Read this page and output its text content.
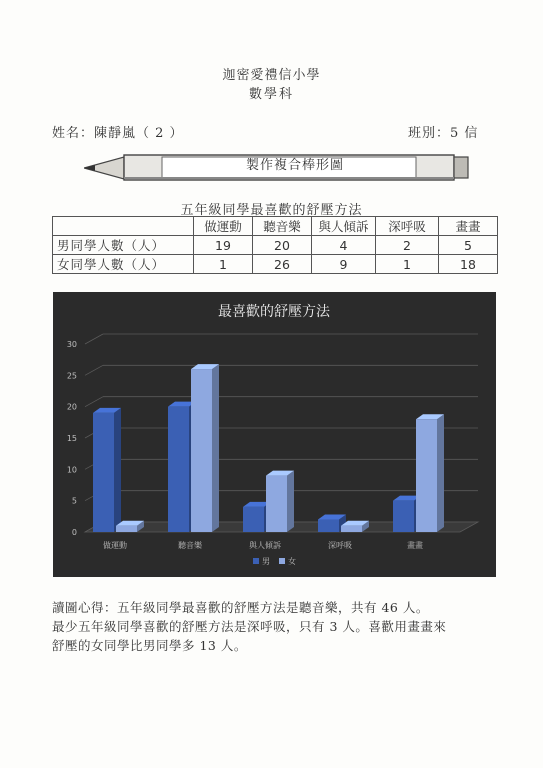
迦密愛禮信小學
數學科
姓名：陳靜嵐（ 2 ）	班別：5 信
製作複合棒形圖
五年級同學最喜歡的舒壓方法
	做運動	聽音樂	與人傾訴	深呼吸	畫畫
男同學人數（人）	19	20	4	2	5
女同學人數（人）	1	26	9	1	18
最喜歡的舒壓方法
0
5
10
15
20
25
30
做運動	聽音樂	與人傾訴	深呼吸	畫畫
男 女
讀圖心得：五年級同學最喜歡的舒壓方法是聽音樂，共有 46 人。
最少五年級同學喜歡的舒壓方法是深呼吸，只有 3 人。喜歡用畫畫來
舒壓的女同學比男同學多 13 人。
